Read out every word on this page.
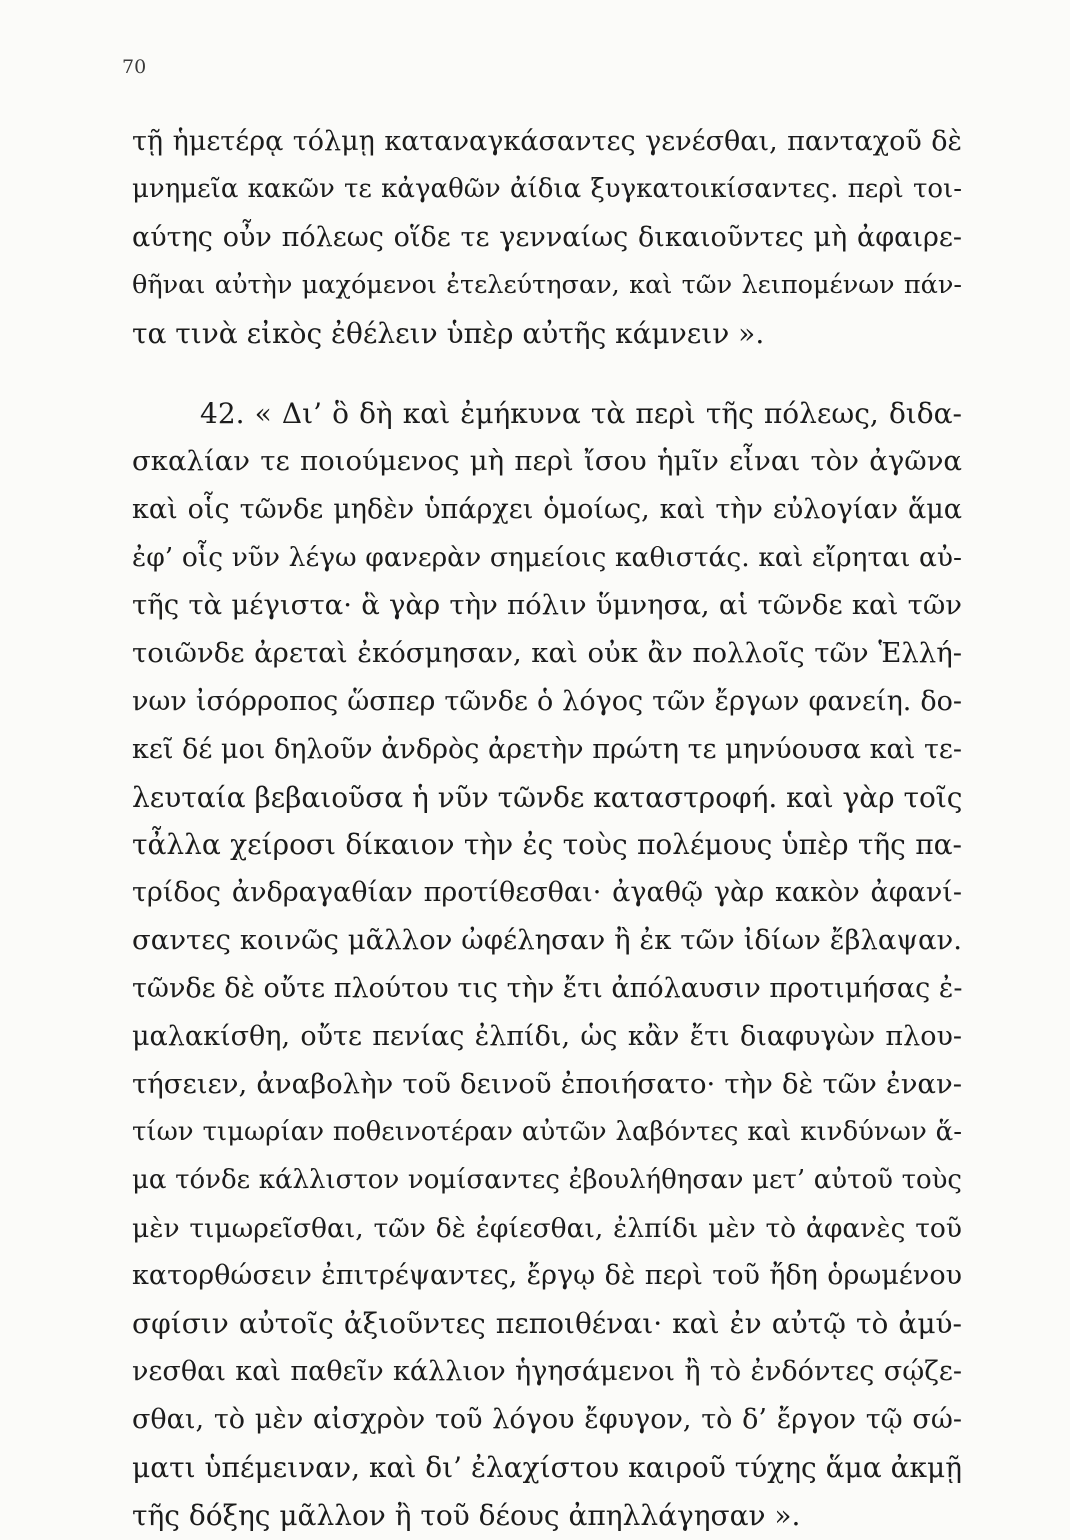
70
τῇ ἡμετέρᾳ τόλμῃ καταναγκάσαντες γενέσθαι, πανταχοῦ δὲ
μνημεῖα κακῶν τε κἀγαθῶν ἀίδια ξυγκατοικίσαντες. περὶ τοι-
αύτης οὖν πόλεως οἵδε τε γενναίως δικαιοῦντες μὴ ἀφαιρε-
θῆναι αὐτὴν μαχόμενοι ἐτελεύτησαν, καὶ τῶν λειπομένων πάν-
τα τινὰ εἰκὸς ἐθέλειν ὑπὲρ αὐτῆς κάμνειν ».
42. « Δι’ ὃ δὴ καὶ ἐμήκυνα τὰ περὶ τῆς πόλεως, διδα-
σκαλίαν τε ποιούμενος μὴ περὶ ἴσου ἡμῖν εἶναι τὸν ἀγῶνα
καὶ οἷς τῶνδε μηδὲν ὑπάρχει ὁμοίως, καὶ τὴν εὐλογίαν ἅμα
ἐφ’ οἷς νῦν λέγω φανερὰν σημείοις καθιστάς. καὶ εἴρηται αὐ-
τῆς τὰ μέγιστα· ἃ γὰρ τὴν πόλιν ὕμνησα, αἱ τῶνδε καὶ τῶν
τοιῶνδε ἀρεταὶ ἐκόσμησαν, καὶ οὐκ ἂν πολλοῖς τῶν Ἑλλή-
νων ἰσόρροπος ὥσπερ τῶνδε ὁ λόγος τῶν ἔργων φανείη. δο-
κεῖ δέ μοι δηλοῦν ἀνδρὸς ἀρετὴν πρώτη τε μηνύουσα καὶ τε-
λευταία βεβαιοῦσα ἡ νῦν τῶνδε καταστροφή. καὶ γὰρ τοῖς
τἆλλα χείροσι δίκαιον τὴν ἐς τοὺς πολέμους ὑπὲρ τῆς πα-
τρίδος ἀνδραγαθίαν προτίθεσθαι· ἀγαθῷ γὰρ κακὸν ἀφανί-
σαντες κοινῶς μᾶλλον ὠφέλησαν ἢ ἐκ τῶν ἰδίων ἔβλαψαν.
τῶνδε δὲ οὔτε πλούτου τις τὴν ἔτι ἀπόλαυσιν προτιμήσας ἐ-
μαλακίσθη, οὔτε πενίας ἐλπίδι, ὡς κἂν ἔτι διαφυγὼν πλου-
τήσειεν, ἀναβολὴν τοῦ δεινοῦ ἐποιήσατο· τὴν δὲ τῶν ἐναν-
τίων τιμωρίαν ποθεινοτέραν αὐτῶν λαβόντες καὶ κινδύνων ἅ-
μα τόνδε κάλλιστον νομίσαντες ἐβουλήθησαν μετ’ αὐτοῦ τοὺς
μὲν τιμωρεῖσθαι, τῶν δὲ ἐφίεσθαι, ἐλπίδι μὲν τὸ ἀφανὲς τοῦ
κατορθώσειν ἐπιτρέψαντες, ἔργῳ δὲ περὶ τοῦ ἤδη ὁρωμένου
σφίσιν αὐτοῖς ἀξιοῦντες πεποιθέναι· καὶ ἐν αὐτῷ τὸ ἀμύ-
νεσθαι καὶ παθεῖν κάλλιον ἡγησάμενοι ἢ τὸ ἐνδόντες σῴζε-
σθαι, τὸ μὲν αἰσχρὸν τοῦ λόγου ἔφυγον, τὸ δ’ ἔργον τῷ σώ-
ματι ὑπέμειναν, καὶ δι’ ἐλαχίστου καιροῦ τύχης ἅμα ἀκμῇ
τῆς δόξης μᾶλλον ἢ τοῦ δέους ἀπηλλάγησαν ».
